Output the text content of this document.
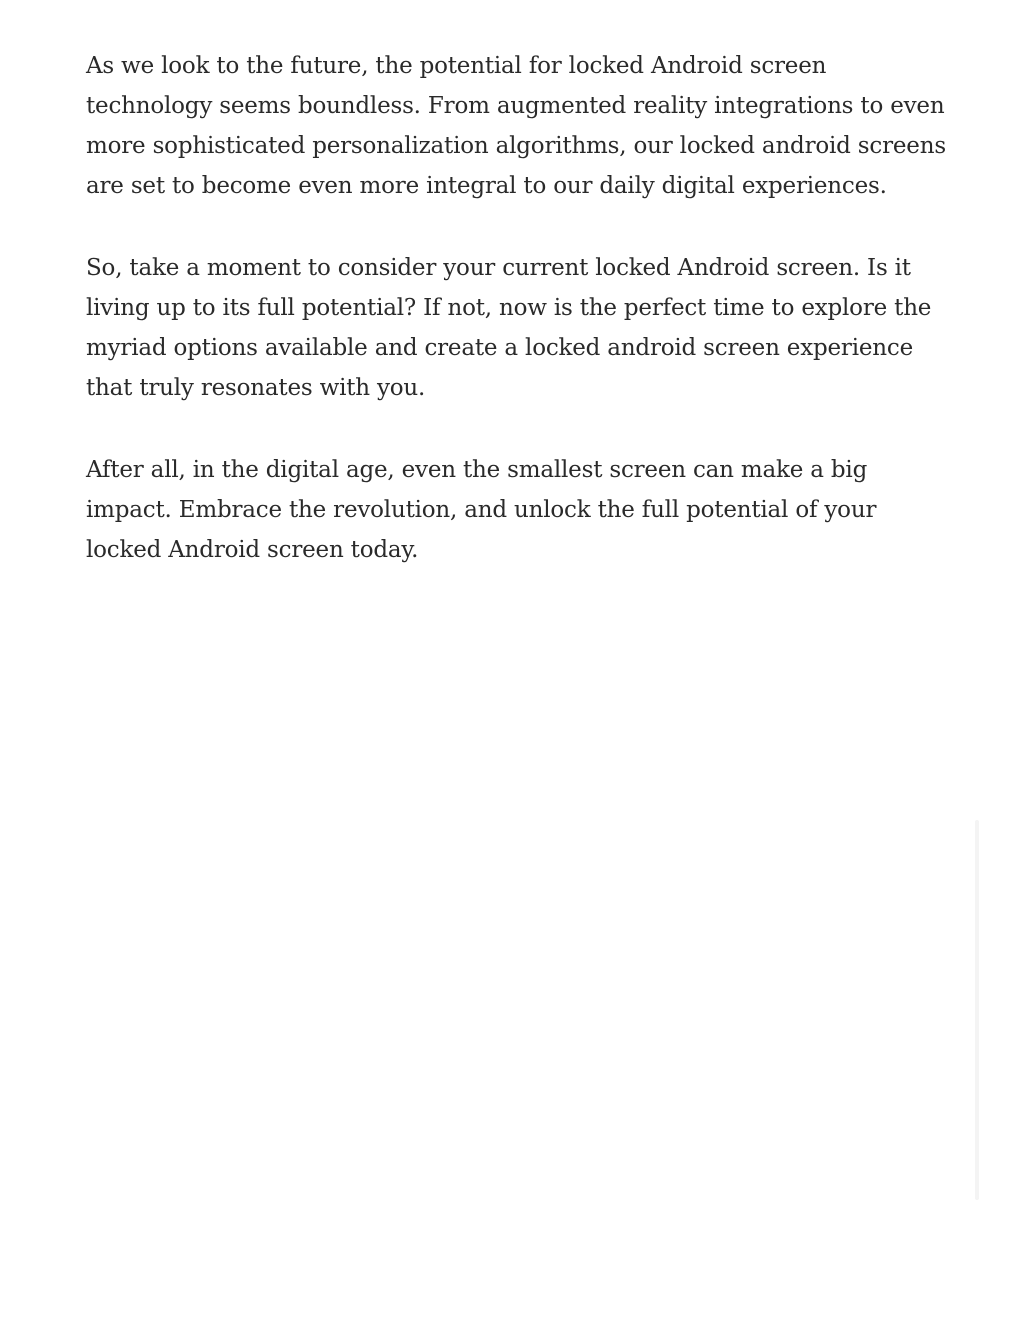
As we look to the future, the potential for locked Android screen technology seems boundless. From augmented reality integrations to even more sophisticated personalization algorithms, our locked android screens are set to become even more integral to our daily digital experiences.

So, take a moment to consider your current locked Android screen. Is it living up to its full potential? If not, now is the perfect time to explore the myriad options available and create a locked android screen experience that truly resonates with you.

After all, in the digital age, even the smallest screen can make a big impact. Embrace the revolution, and unlock the full potential of your locked Android screen today.
